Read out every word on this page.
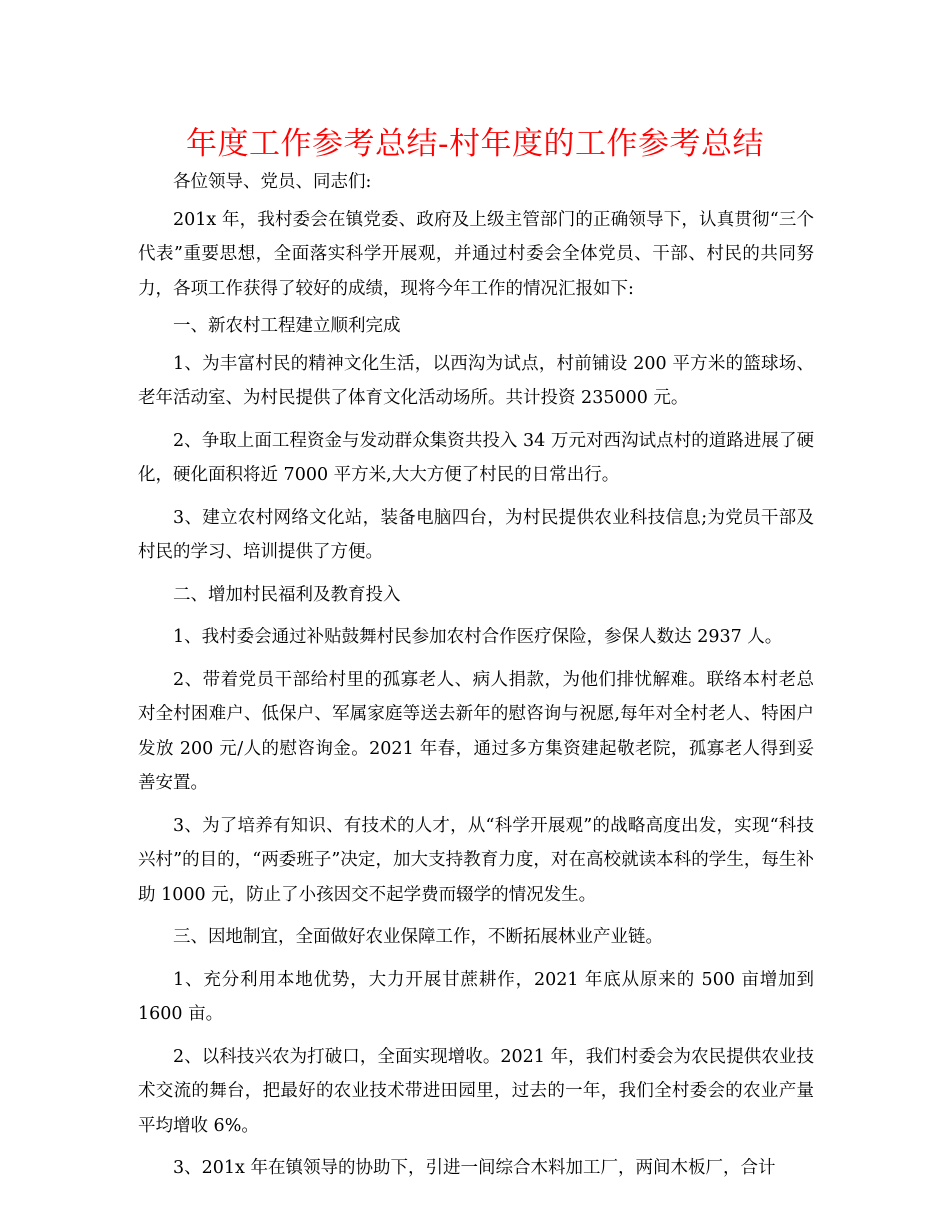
年度工作参考总结-村年度的工作参考总结

各位领导、党员、同志们:

201x 年，我村委会在镇党委、政府及上级主管部门的正确领导下，认真贯彻“三个代表”重要思想，全面落实科学开展观，并通过村委会全体党员、干部、村民的共同努力，各项工作获得了较好的成绩，现将今年工作的情况汇报如下:

一、新农村工程建立顺利完成

1、为丰富村民的精神文化生活，以西沟为试点，村前铺设 200 平方米的篮球场、老年活动室、为村民提供了体育文化活动场所。共计投资 235000 元。

2、争取上面工程资金与发动群众集资共投入 34 万元对西沟试点村的道路进展了硬化，硬化面积将近 7000 平方米,大大方便了村民的日常出行。

3、建立农村网络文化站，装备电脑四台，为村民提供农业科技信息;为党员干部及村民的学习、培训提供了方便。

二、增加村民福利及教育投入

1、我村委会通过补贴鼓舞村民参加农村合作医疗保险，参保人数达 2937 人。

2、带着党员干部给村里的孤寡老人、病人捐款，为他们排忧解难。联络本村老总对全村困难户、低保户、军属家庭等送去新年的慰咨询与祝愿,每年对全村老人、特困户发放 200 元/人的慰咨询金。2021 年春，通过多方集资建起敬老院，孤寡老人得到妥善安置。

3、为了培养有知识、有技术的人才，从“科学开展观”的战略高度出发，实现“科技兴村”的目的，“两委班子”决定，加大支持教育力度，对在高校就读本科的学生，每生补助 1000 元，防止了小孩因交不起学费而辍学的情况发生。

三、因地制宜，全面做好农业保障工作，不断拓展林业产业链。

1、充分利用本地优势，大力开展甘蔗耕作，2021 年底从原来的 500 亩增加到 1600 亩。

2、以科技兴农为打破口，全面实现增收。2021 年，我们村委会为农民提供农业技术交流的舞台，把最好的农业技术带进田园里，过去的一年，我们全村委会的农业产量平均增收 6%。

3、201x 年在镇领导的协助下，引进一间综合木料加工厂，两间木板厂，合计
